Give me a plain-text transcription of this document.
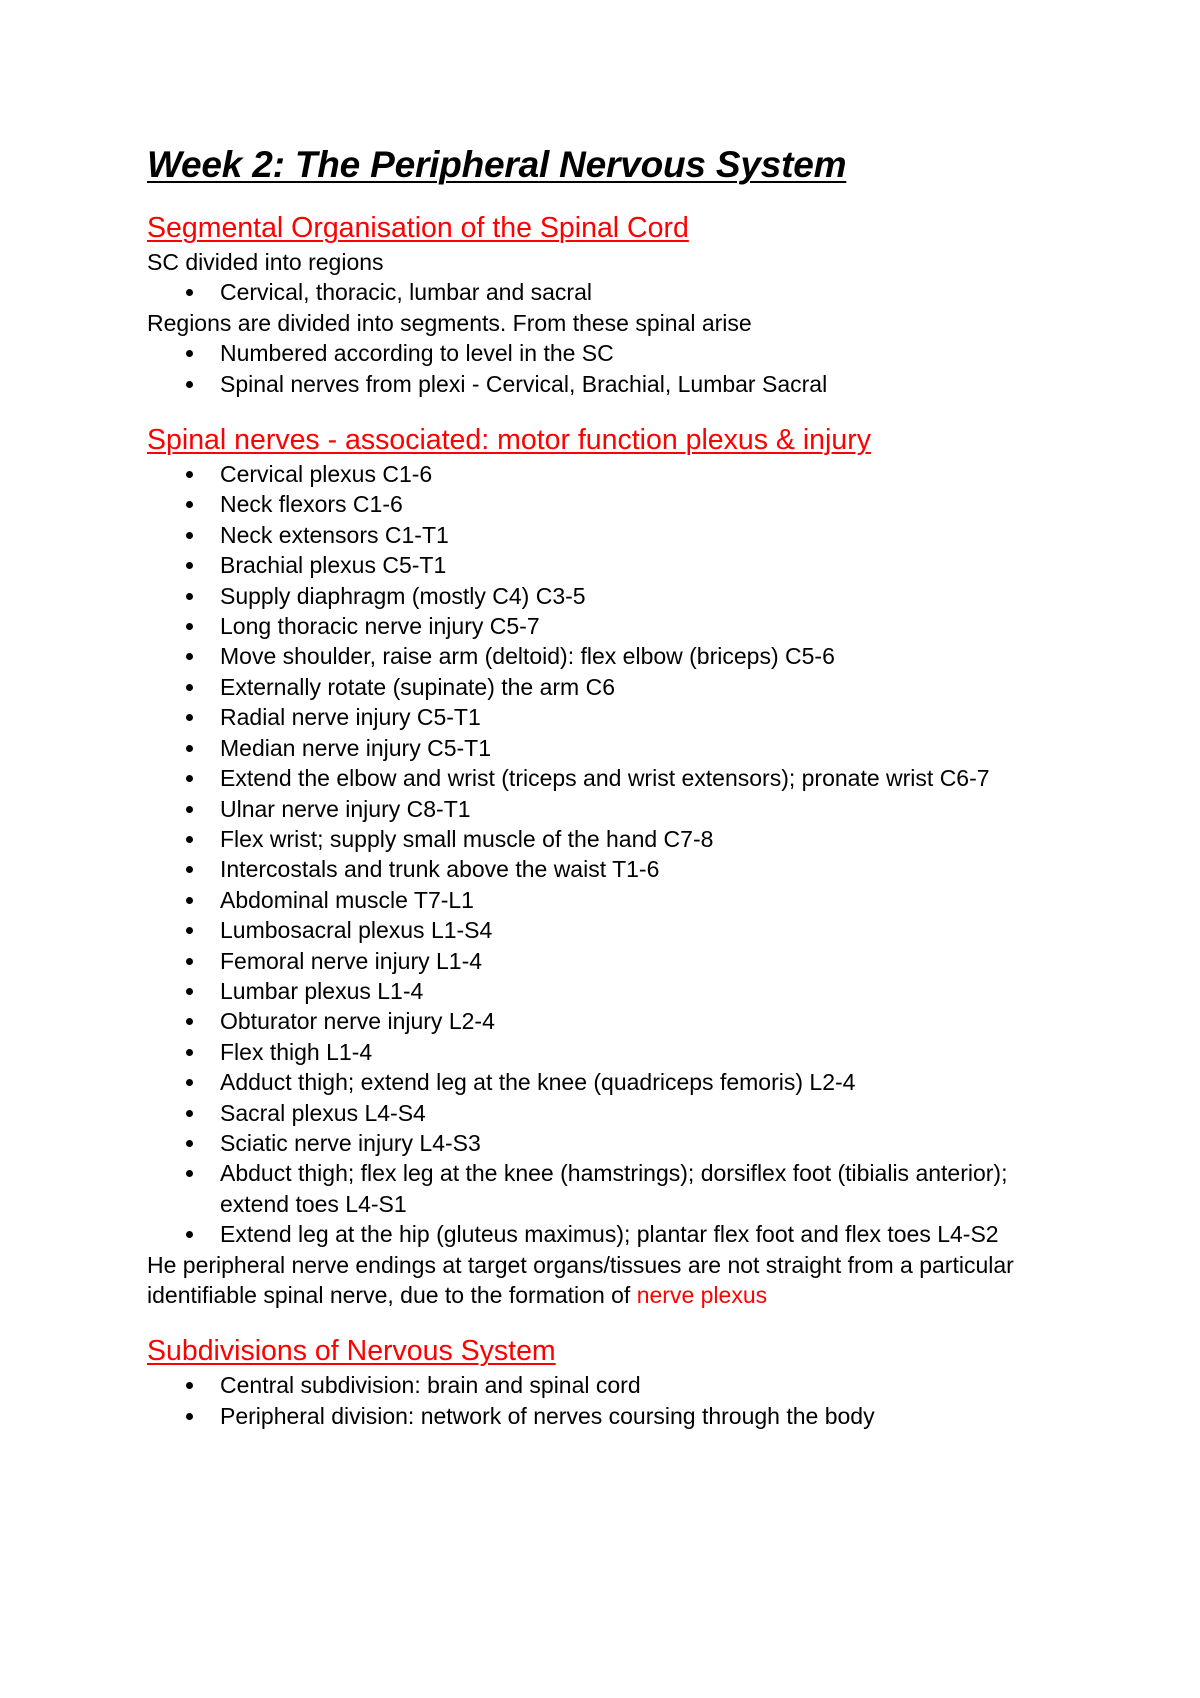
Week 2: The Peripheral Nervous System
Segmental Organisation of the Spinal Cord

SC divided into regions

Cervical, thoracic, lumbar and sacral

Regions are divided into segments. From these spinal arise

Numbered according to level in the SC
Spinal nerves from plexi - Cervical, Brachial, Lumbar Sacral
Spinal nerves - associated: motor function plexus & injury
Cervical plexus C1-6
Neck flexors C1-6
Neck extensors C1-T1
Brachial plexus C5-T1
Supply diaphragm (mostly C4) C3-5
Long thoracic nerve injury C5-7
Move shoulder, raise arm (deltoid): flex elbow (briceps) C5-6
Externally rotate (supinate) the arm C6
Radial nerve injury C5-T1
Median nerve injury C5-T1
Extend the elbow and wrist (triceps and wrist extensors); pronate wrist C6-7
Ulnar nerve injury C8-T1
Flex wrist; supply small muscle of the hand C7-8
Intercostals and trunk above the waist T1-6
Abdominal muscle T7-L1
Lumbosacral plexus L1-S4
Femoral nerve injury L1-4
Lumbar plexus L1-4
Obturator nerve injury L2-4
Flex thigh L1-4
Adduct thigh; extend leg at the knee (quadriceps femoris) L2-4
Sacral plexus L4-S4
Sciatic nerve injury L4-S3
Abduct thigh; flex leg at the knee (hamstrings); dorsiflex foot (tibialis anterior); extend toes L4-S1
Extend leg at the hip (gluteus maximus); plantar flex foot and flex toes L4-S2

He peripheral nerve endings at target organs/tissues are not straight from a particular identifiable spinal nerve, due to the formation of nerve plexus

Subdivisions of Nervous System
Central subdivision: brain and spinal cord
Peripheral division: network of nerves coursing through the body
